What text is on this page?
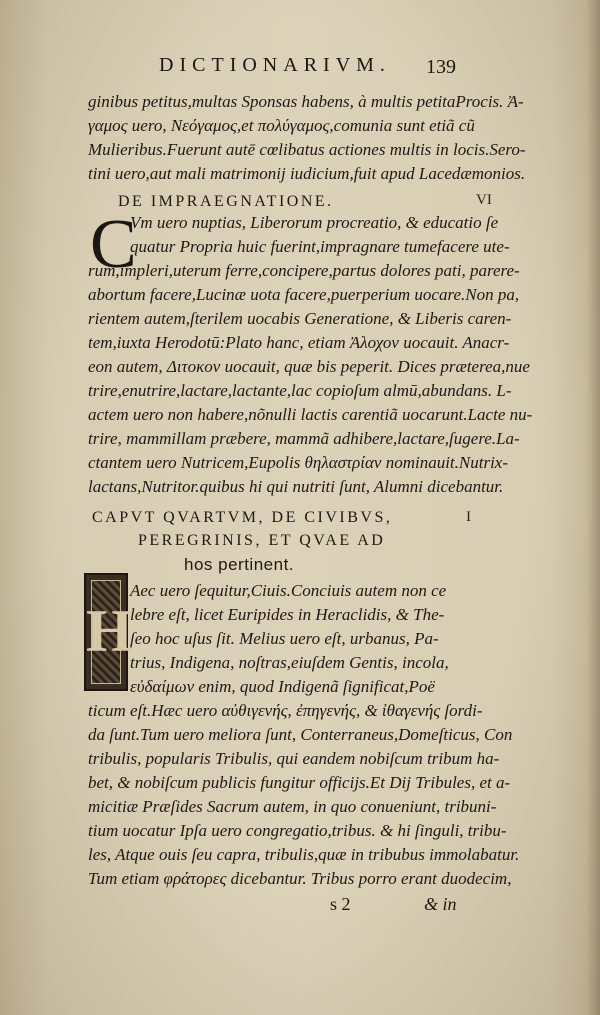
DICTIONARIVM.	139
ginibus petitus,multas Sponsas habens, à multis petitaProcis. Ἀ-
γαμος uero, Νεόγαμος,et πολύγαμος,comunia sunt etiã cũ
Mulieribus.Fuerunt autē cœlibatus actiones multis in locis.Sero-
tini uero,aut mali matrimonij iudicium,fuit apud Lacedæmonios.
DE IMPRAEGNATIONE.	VI
C
Vm uero nuptias, Liberorum procreatio, & educatio ſe
quatur Propria huic fuerint,impragnare tumefacere ute-
rum,impleri,uterum ferre,concipere,partus dolores pati, parere-
abortum facere,Lucinæ uota facere,puerperium uocare.Non pa,
rientem autem,ſterilem uocabis Generatione, & Liberis caren-
tem,iuxta Herodotū:Plato hanc, etiam Ἀλοχον uocauit. Anacr-
eon autem, Διτοκον uocauit, quæ bis peperit. Dices præterea,nue
trire,enutrire,lactare,lactante,lac copioſum almū,abundans. L-
actem uero non habere,nõnulli lactis carentiã uocarunt.Lacte nu-
trire, mammillam præbere, mammã adhibere,lactare,ſugere.La-
ctantem uero Nutricem,Eupolis θηλαστρίαν nominauit.Nutrix-
lactans,Nutritor.quibus hi qui nutriti ſunt, Alumni dicebantur.
CAPVT QVARTVM, DE CIVIBVS,	I
PEREGRINIS, ET QVAE AD
hos pertinent.
H
Aec uero ſequitur,Ciuis.Conciuis autem non ce
lebre eſt, licet Euripides in Heraclidis, & The-
ſeo hoc uſus ſit. Melius uero eſt, urbanus, Pa-
trius, Indigena, noſtras,eiuſdem Gentis, incola,
εὐδαίμων enim, quod Indigenã ſignificat,Poë
ticum eſt.Hæc uero αὐθιγενής, ἐπηγενής, & ἰθαγενής ſordi-
da ſunt.Tum uero meliora ſunt, Conterraneus,Domeſticus, Con
tribulis, popularis Tribulis, qui eandem nobiſcum tribum ha-
bet, & nobiſcum publicis fungitur officijs.Et Dij Tribules, et a-
micitiæ Præſides Sacrum autem, in quo conueniunt, tribuni-
tium uocatur Ipſa uero congregatio,tribus. & hi ſinguli, tribu-
les, Atque ouis ſeu capra, tribulis,quæ in tribubus immolabatur.
Tum etiam φράτορες dicebantur. Tribus porro erant duodecim,
s 2	& in
